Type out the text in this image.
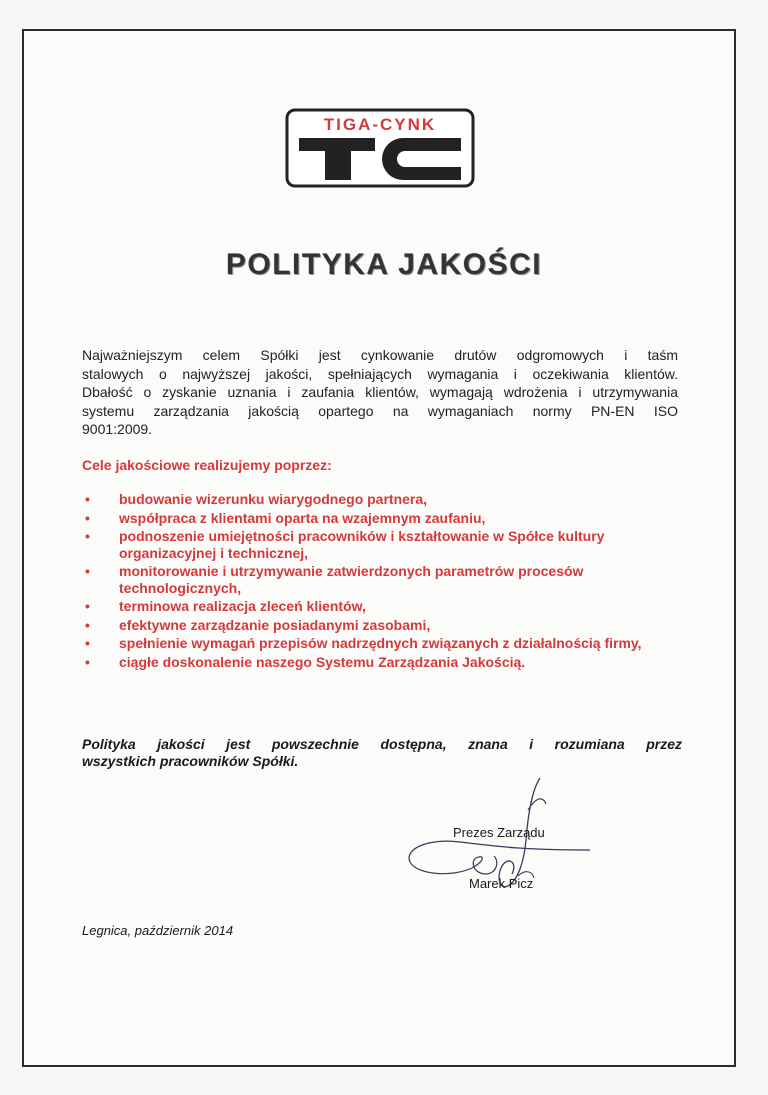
TIGA-CYNK
POLITYKA JAKOŚCI
Najważniejszym celem Spółki jest cynkowanie drutów odgromowych i taśm
stalowych o najwyższej jakości, spełniających wymagania i oczekiwania klientów.
Dbałość o zyskanie uznania i zaufania klientów, wymagają wdrożenia i utrzymywania
systemu zarządzania jakością opartego na wymaganiach normy PN-EN ISO
9001:2009.
Cele jakościowe realizujemy poprzez:
• budowanie wizerunku wiarygodnego partnera,
• współpraca z klientami oparta na wzajemnym zaufaniu,
• podnoszenie umiejętności pracowników i kształtowanie w Spółce kultury organizacyjnej i technicznej,
• monitorowanie i utrzymywanie zatwierdzonych parametrów procesów technologicznych,
• terminowa realizacja zleceń klientów,
• efektywne zarządzanie posiadanymi zasobami,
• spełnienie wymagań przepisów nadrzędnych związanych z działalnością firmy,
• ciągłe doskonalenie naszego Systemu Zarządzania Jakością.
Polityka jakości jest powszechnie dostępna, znana i rozumiana przez
wszystkich pracowników Spółki.
Prezes Zarządu
Marek Picz
Legnica, październik 2014
